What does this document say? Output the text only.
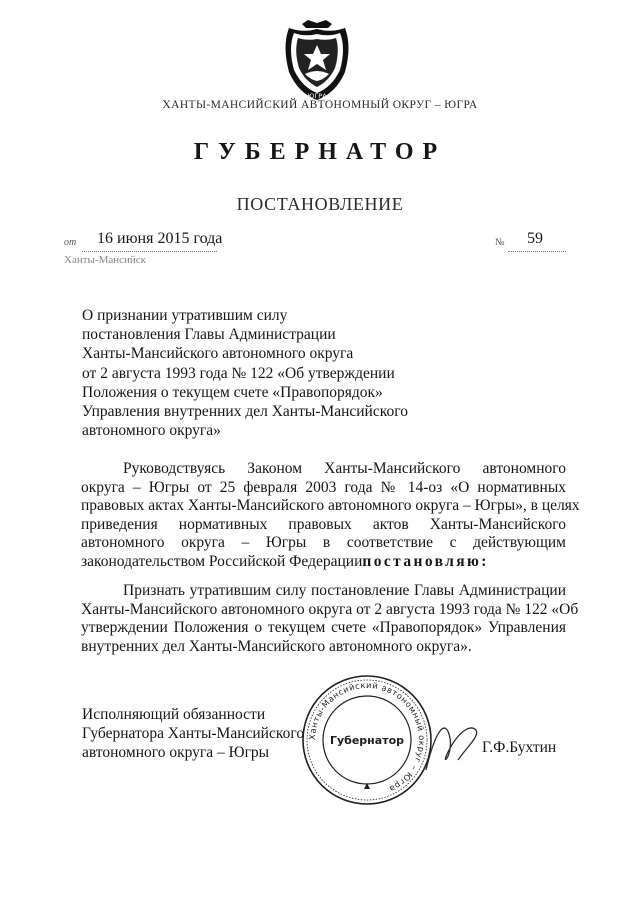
ЮГРА
ХАНТЫ-МАНСИЙСКИЙ АВТОНОМНЫЙ ОКРУГ – ЮГРА
ГУБЕРНАТОР
ПОСТАНОВЛЕНИЕ
от 16 июня 2015 года	№ 59
Ханты-Мансийск
О признании утратившим силу
постановления Главы Администрации
Ханты-Мансийского автономного округа
от 2 августа 1993 года № 122 «Об утверждении
Положения о текущем счете «Правопорядок»
Управления внутренних дел Ханты-Мансийского
автономного округа»
Руководствуясь Законом Ханты-Мансийского автономного
округа – Югры от 25 февраля 2003 года № 14-оз «О нормативных
правовых актах Ханты-Мансийского автономного округа – Югры», в целях
приведения нормативных правовых актов Ханты-Мансийского
автономного округа – Югры в соответствие с действующим
законодательством Российской Федерациипостановляю:
Признать утратившим силу постановление Главы Администрации
Ханты-Мансийского автономного округа от 2 августа 1993 года № 122 «Об
утверждении Положения о текущем счете «Правопорядок» Управления
внутренних дел Ханты-Мансийского автономного округа».
Исполняющий обязанности
Губернатора Ханты-Мансийского
автономного округа – Югры
Ханты-Мансийский автономный округ – Югра
Губернатор	Г.Ф.Бухтин
